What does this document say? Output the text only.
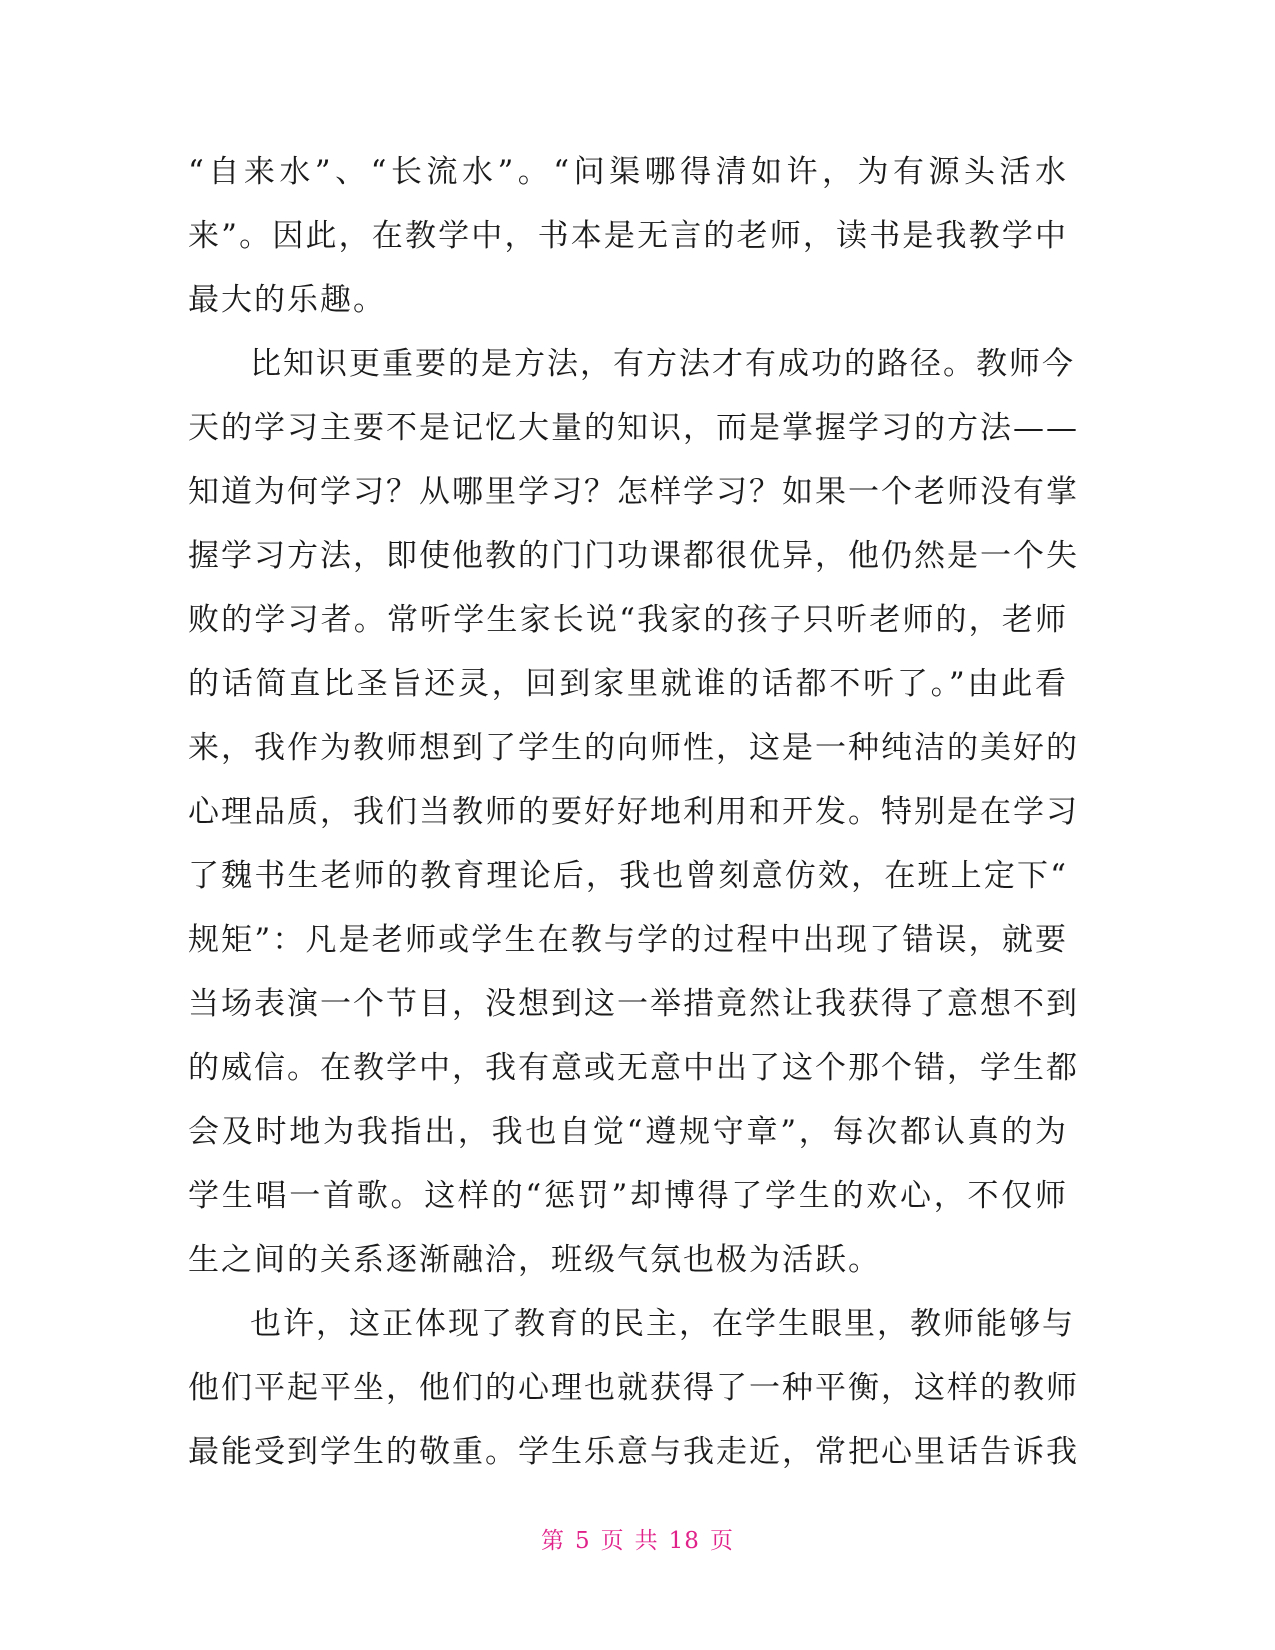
“自来水”、“长流水”。“问渠哪得清如许，为有源头活水
来”。因此，在教学中，书本是无言的老师，读书是我教学中
最大的乐趣。
比知识更重要的是方法，有方法才有成功的路径。教师今
天的学习主要不是记忆大量的知识，而是掌握学习的方法——
知道为何学习？从哪里学习？怎样学习？如果一个老师没有掌
握学习方法，即使他教的门门功课都很优异，他仍然是一个失
败的学习者。常听学生家长说“我家的孩子只听老师的，老师
的话简直比圣旨还灵，回到家里就谁的话都不听了。”由此看
来，我作为教师想到了学生的向师性，这是一种纯洁的美好的
心理品质，我们当教师的要好好地利用和开发。特别是在学习
了魏书生老师的教育理论后，我也曾刻意仿效，在班上定下“
规矩”：凡是老师或学生在教与学的过程中出现了错误，就要
当场表演一个节目，没想到这一举措竟然让我获得了意想不到
的威信。在教学中，我有意或无意中出了这个那个错，学生都
会及时地为我指出，我也自觉“遵规守章”，每次都认真的为
学生唱一首歌。这样的“惩罚”却博得了学生的欢心，不仅师
生之间的关系逐渐融洽，班级气氛也极为活跃。
也许，这正体现了教育的民主，在学生眼里，教师能够与
他们平起平坐，他们的心理也就获得了一种平衡，这样的教师
最能受到学生的敬重。学生乐意与我走近，常把心里话告诉我
第 5 页 共 18 页
